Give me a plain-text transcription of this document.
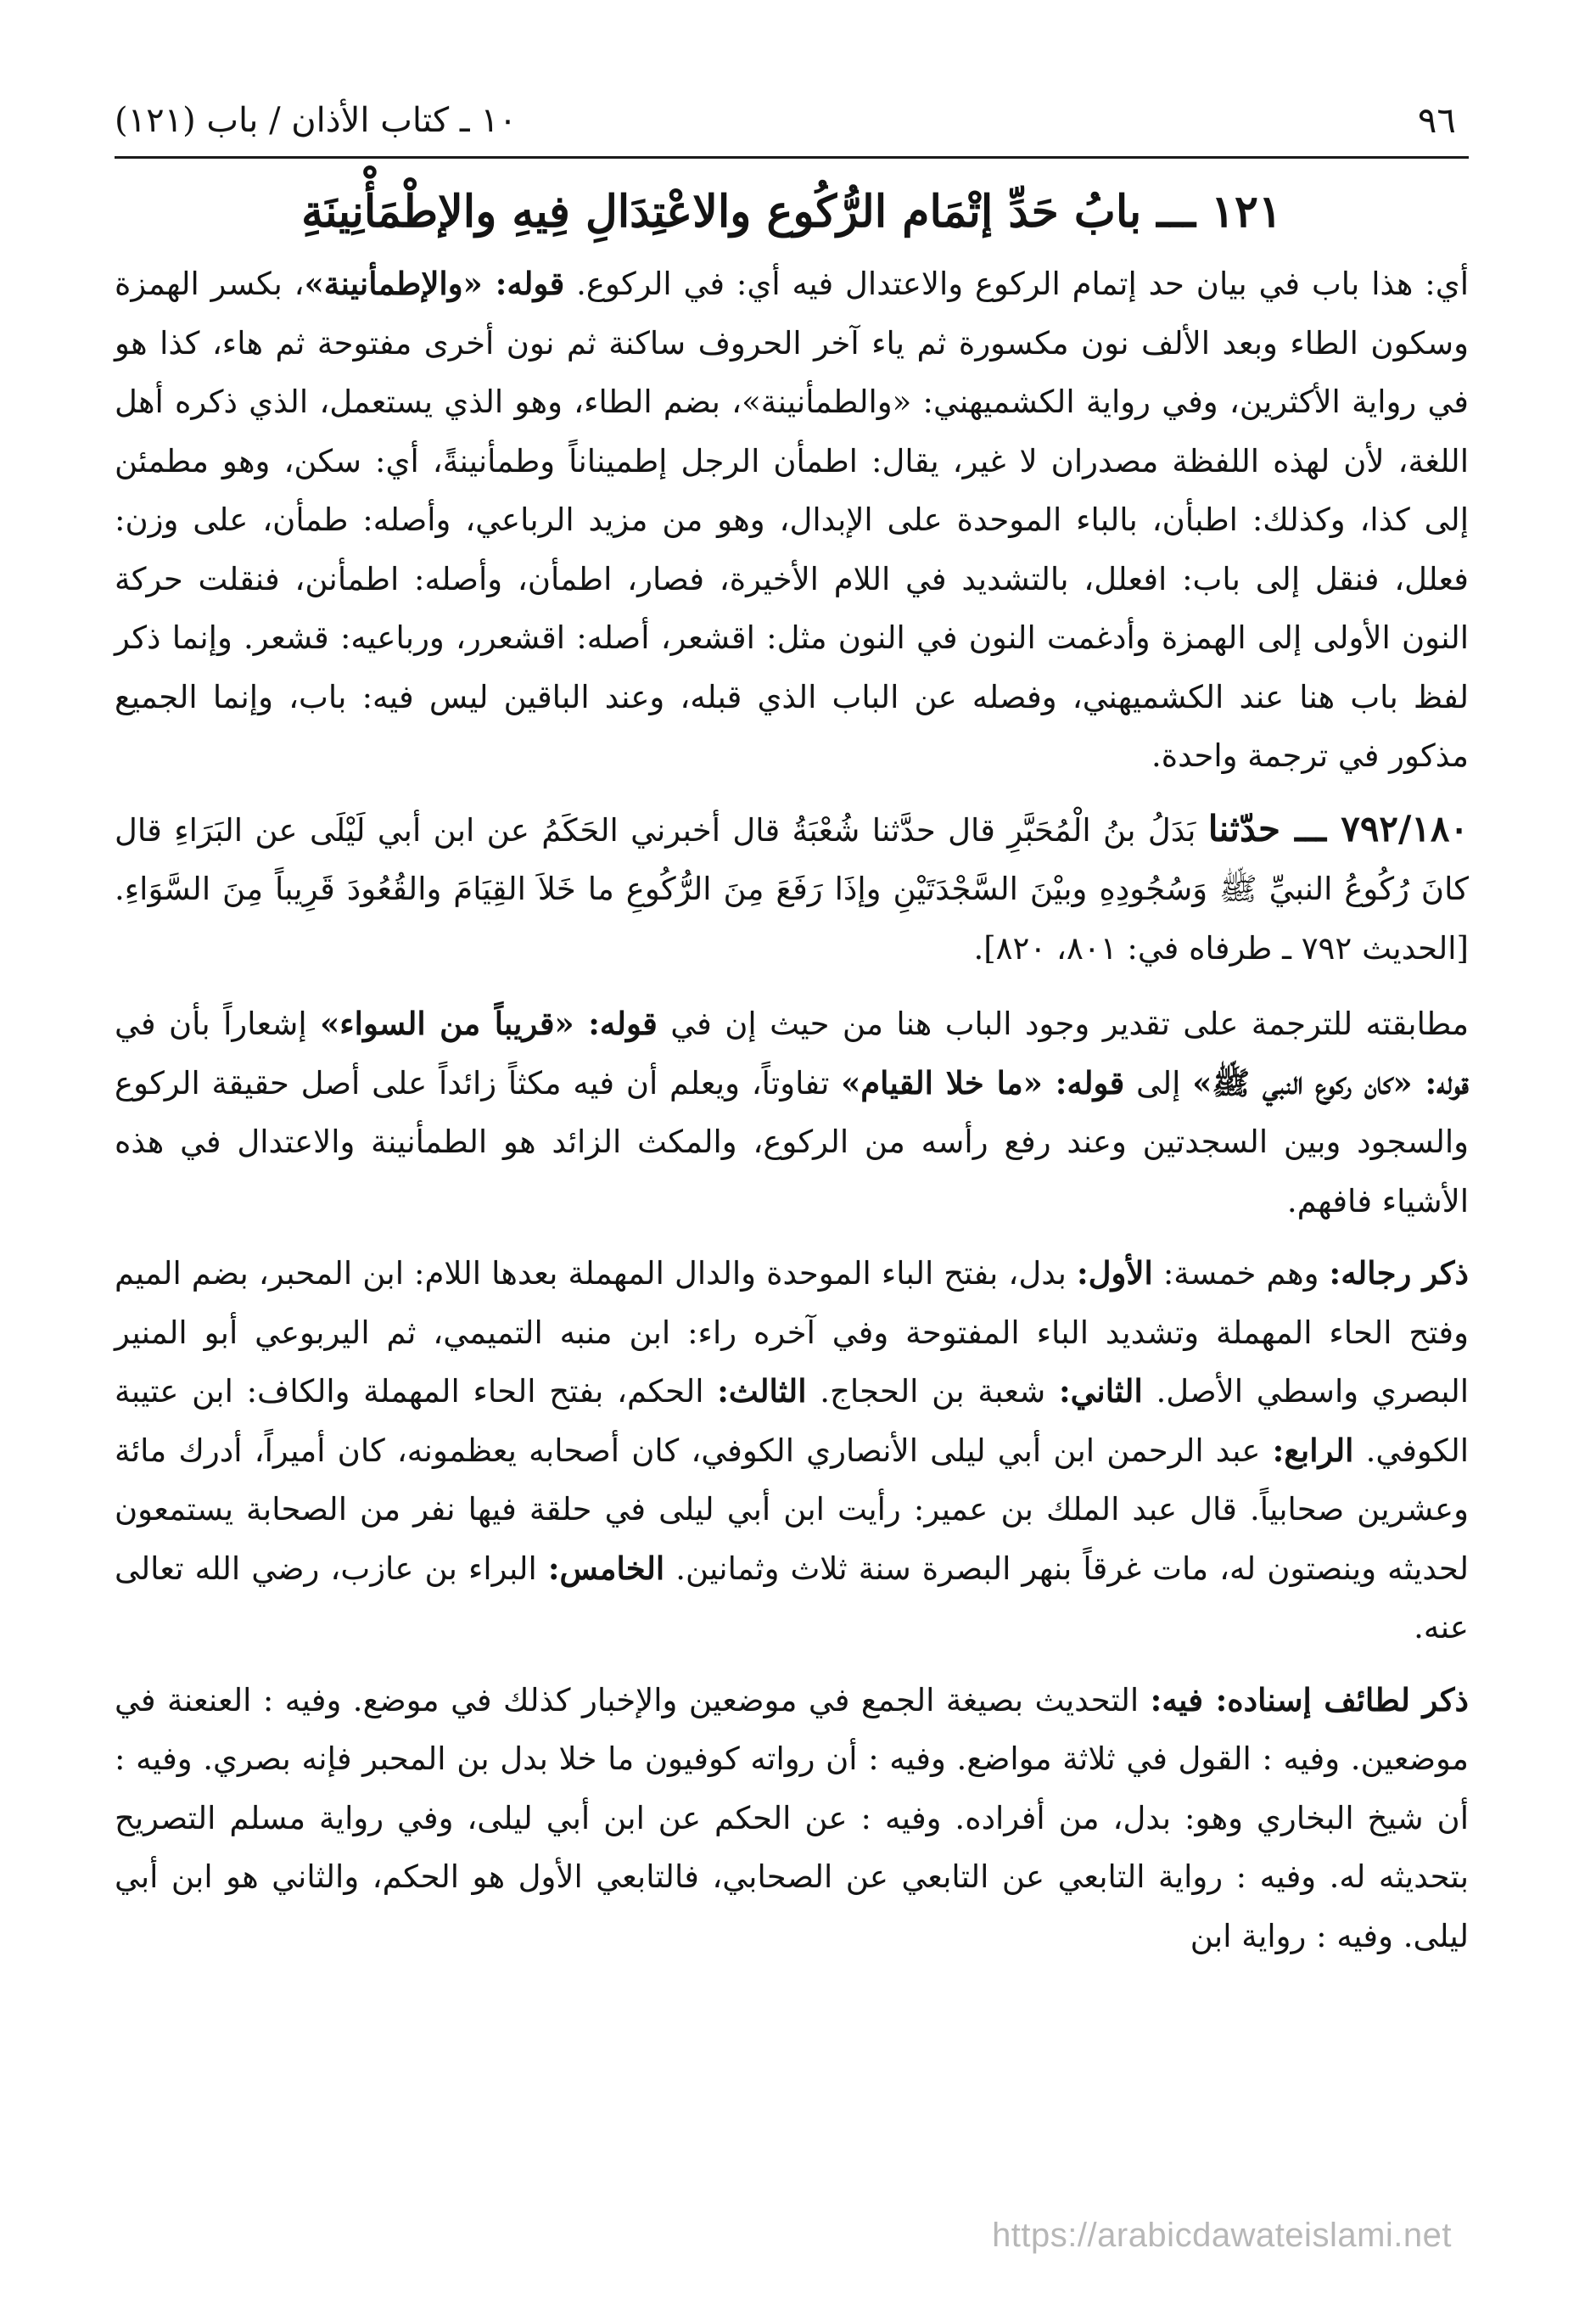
٩٦
١٠ ـ كتاب الأذان / باب (١٢١)
١٢١ ـــ بابُ حَدِّ إتْمَام الرُّكُوع والاعْتِدَالِ فِيهِ والإطْمَأْنِينَةِ

أي: هذا باب في بيان حد إتمام الركوع والاعتدال فيه أي: في الركوع. قوله: «والإطمأنينة»، بكسر الهمزة وسكون الطاء وبعد الألف نون مكسورة ثم ياء آخر الحروف ساكنة ثم نون أخرى مفتوحة ثم هاء، كذا هو في رواية الأكثرين، وفي رواية الكشميهني: «والطمأنينة»، بضم الطاء، وهو الذي يستعمل، الذي ذكره أهل اللغة، لأن لهذه اللفظة مصدران لا غير، يقال: اطمأن الرجل إطميناناً وطمأنينةً، أي: سكن، وهو مطمئن إلى كذا، وكذلك: اطبأن، بالباء الموحدة على الإبدال، وهو من مزيد الرباعي، وأصله: طمأن، على وزن: فعلل، فنقل إلى باب: افعلل، بالتشديد في اللام الأخيرة، فصار، اطمأن، وأصله: اطمأنن، فنقلت حركة النون الأولى إلى الهمزة وأدغمت النون في النون مثل: اقشعر، أصله: اقشعرر، ورباعيه: قشعر. وإنما ذكر لفظ باب هنا عند الكشميهني، وفصله عن الباب الذي قبله، وعند الباقين ليس فيه: باب، وإنما الجميع مذكور في ترجمة واحدة.

٧٩٢/١٨٠ ـــ حدّثنا بَدَلُ بنُ الْمُحَبَّرِ قال حدَّثنا شُعْبَةُ قال أخبرني الحَكَمُ عن ابن أبي لَيْلَى عن البَرَاءِ قال كانَ رُكُوعُ النبيِّ ﷺ وَسُجُودِهِ وبيْنَ السَّجْدَتَيْنِ وإذَا رَفَعَ مِنَ الرُّكُوعِ ما خَلاَ القِيَامَ والقُعُودَ قَرِيباً مِنَ السَّوَاءِ. [الحديث ٧٩٢ ـ طرفاه في: ٨٠١، ٨٢٠].

مطابقته للترجمة على تقدير وجود الباب هنا من حيث إن في قوله: «قريباً من السواء» إشعاراً بأن في قوله: «كان ركوع النبي ﷺ» إلى قوله: «ما خلا القيام» تفاوتاً، ويعلم أن فيه مكثاً زائداً على أصل حقيقة الركوع والسجود وبين السجدتين وعند رفع رأسه من الركوع، والمكث الزائد هو الطمأنينة والاعتدال في هذه الأشياء فافهم.

ذكر رجاله: وهم خمسة: الأول: بدل، بفتح الباء الموحدة والدال المهملة بعدها اللام: ابن المحبر، بضم الميم وفتح الحاء المهملة وتشديد الباء المفتوحة وفي آخره راء: ابن منبه التميمي، ثم اليربوعي أبو المنير البصري واسطي الأصل. الثاني: شعبة بن الحجاج. الثالث: الحكم، بفتح الحاء المهملة والكاف: ابن عتيبة الكوفي. الرابع: عبد الرحمن ابن أبي ليلى الأنصاري الكوفي، كان أصحابه يعظمونه، كان أميراً، أدرك مائة وعشرين صحابياً. قال عبد الملك بن عمير: رأيت ابن أبي ليلى في حلقة فيها نفر من الصحابة يستمعون لحديثه وينصتون له، مات غرقاً بنهر البصرة سنة ثلاث وثمانين. الخامس: البراء بن عازب، رضي الله تعالى عنه.

ذكر لطائف إسناده: فيه: التحديث بصيغة الجمع في موضعين والإخبار كذلك في موضع. وفيه : العنعنة في موضعين. وفيه : القول في ثلاثة مواضع. وفيه : أن رواته كوفيون ما خلا بدل بن المحبر فإنه بصري. وفيه : أن شيخ البخاري وهو: بدل، من أفراده. وفيه : عن الحكم عن ابن أبي ليلى، وفي رواية مسلم التصريح بتحديثه له. وفيه : رواية التابعي عن التابعي عن الصحابي، فالتابعي الأول هو الحكم، والثاني هو ابن أبي ليلى. وفيه : رواية ابن

https://arabicdawateislami.net
